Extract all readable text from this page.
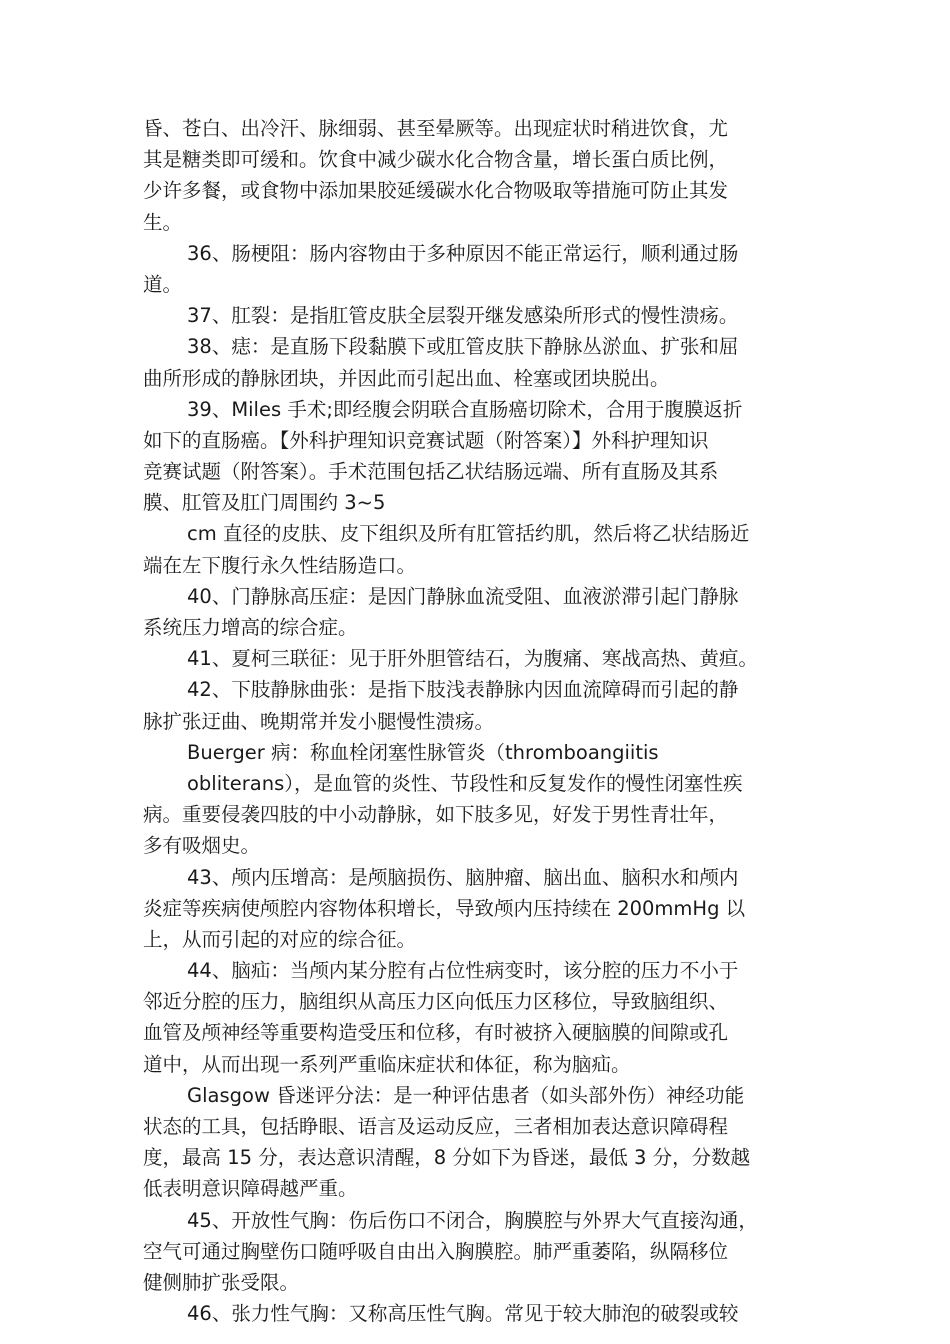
昏、苍白、出冷汗、脉细弱、甚至晕厥等。出现症状时稍进饮食，尤
其是糖类即可缓和。饮食中减少碳水化合物含量，增长蛋白质比例，
少许多餐，或食物中添加果胶延缓碳水化合物吸取等措施可防止其发
生。

36、肠梗阻：肠内容物由于多种原因不能正常运行，顺利通过肠
道。

37、肛裂：是指肛管皮肤全层裂开继发感染所形式的慢性溃疡。

38、痣：是直肠下段黏膜下或肛管皮肤下静脉丛淤血、扩张和屈
曲所形成的静脉团块，并因此而引起出血、栓塞或团块脱出。

39、Miles 手术;即经腹会阴联合直肠癌切除术，合用于腹膜返折
如下的直肠癌。【外科护理知识竞赛试题（附答案）】外科护理知识
竞赛试题（附答案）。手术范围包括乙状结肠远端、所有直肠及其系
膜、肛管及肛门周围约 3~5

cm 直径的皮肤、皮下组织及所有肛管括约肌，然后将乙状结肠近
端在左下腹行永久性结肠造口。

40、门静脉高压症：是因门静脉血流受阻、血液淤滞引起门静脉
系统压力增高的综合症。

41、夏柯三联征：见于肝外胆管结石，为腹痛、寒战高热、黄疸。

42、下肢静脉曲张：是指下肢浅表静脉内因血流障碍而引起的静
脉扩张迂曲、晚期常并发小腿慢性溃疡。

Buerger 病：称血栓闭塞性脉管炎（thromboangiitis

obliterans），是血管的炎性、节段性和反复发作的慢性闭塞性疾
病。重要侵袭四肢的中小动静脉，如下肢多见，好发于男性青壮年，
多有吸烟史。

43、颅内压增高：是颅脑损伤、脑肿瘤、脑出血、脑积水和颅内
炎症等疾病使颅腔内容物体积增长，导致颅内压持续在 200mmHg 以
上，从而引起的对应的综合征。

44、脑疝：当颅内某分腔有占位性病变时，该分腔的压力不小于
邻近分腔的压力，脑组织从高压力区向低压力区移位，导致脑组织、
血管及颅神经等重要构造受压和位移，有时被挤入硬脑膜的间隙或孔
道中，从而出现一系列严重临床症状和体征，称为脑疝。

Glasgow 昏迷评分法：是一种评估患者（如头部外伤）神经功能
状态的工具，包括睁眼、语言及运动反应，三者相加表达意识障碍程
度，最高 15 分，表达意识清醒，8 分如下为昏迷，最低 3 分，分数越
低表明意识障碍越严重。

45、开放性气胸：伤后伤口不闭合，胸膜腔与外界大气直接沟通，
空气可通过胸壁伤口随呼吸自由出入胸膜腔。肺严重萎陷，纵隔移位
健侧肺扩张受限。

46、张力性气胸：又称高压性气胸。常见于较大肺泡的破裂或较
